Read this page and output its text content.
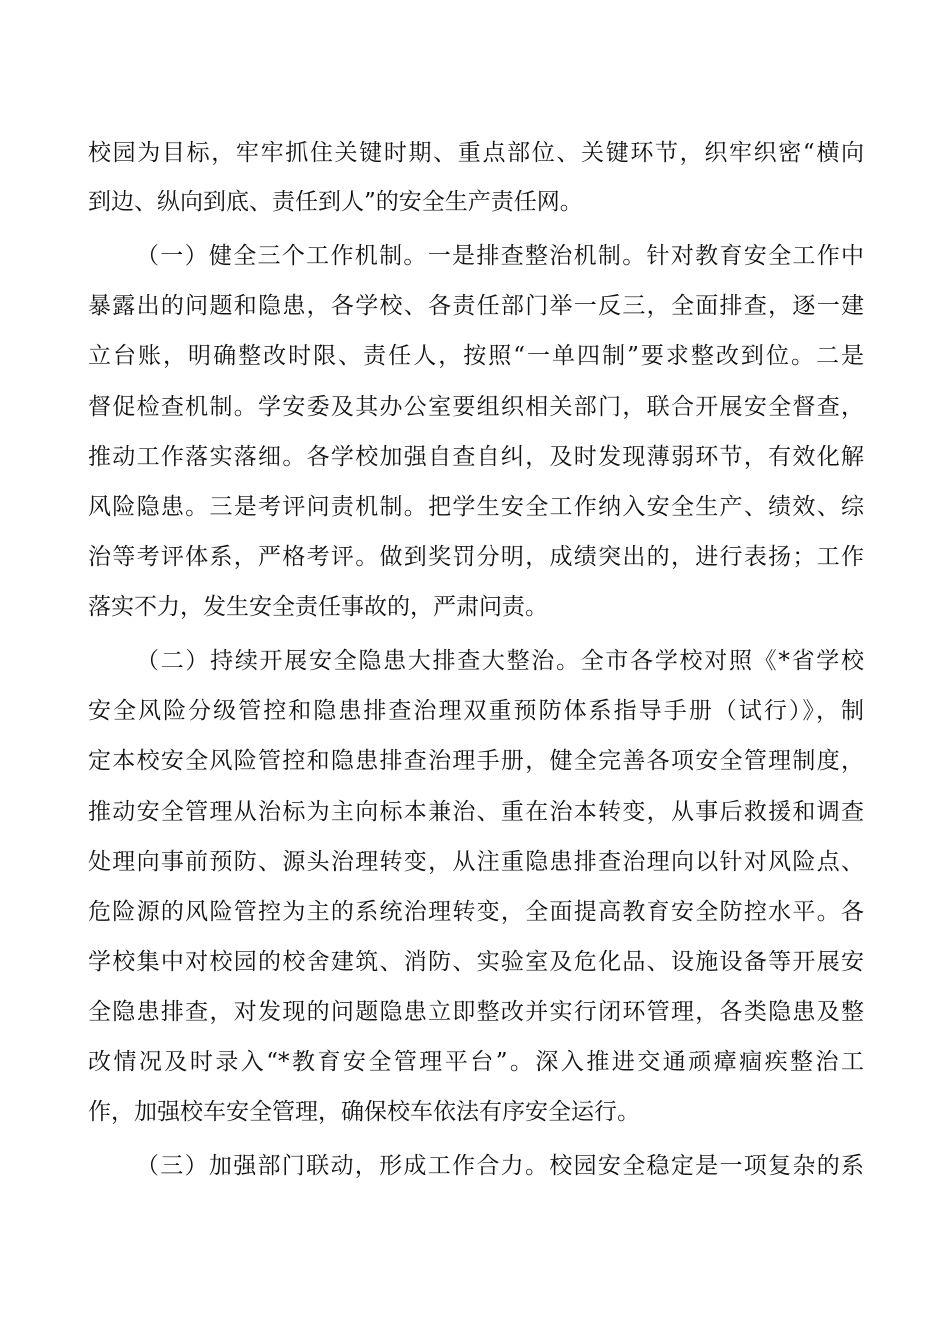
校园为目标，牢牢抓住关键时期、重点部位、关键环节，织牢织密“横向
到边、纵向到底、责任到人”的安全生产责任网。
（一）健全三个工作机制。一是排查整治机制。针对教育安全工作中
暴露出的问题和隐患，各学校、各责任部门举一反三，全面排查，逐一建
立台账，明确整改时限、责任人，按照“一单四制”要求整改到位。二是
督促检查机制。学安委及其办公室要组织相关部门，联合开展安全督查，
推动工作落实落细。各学校加强自查自纠，及时发现薄弱环节，有效化解
风险隐患。三是考评问责机制。把学生安全工作纳入安全生产、绩效、综
治等考评体系，严格考评。做到奖罚分明，成绩突出的，进行表扬；工作
落实不力，发生安全责任事故的，严肃问责。
（二）持续开展安全隐患大排查大整治。全市各学校对照《*省学校
安全风险分级管控和隐患排查治理双重预防体系指导手册（试行）》，制
定本校安全风险管控和隐患排查治理手册，健全完善各项安全管理制度，
推动安全管理从治标为主向标本兼治、重在治本转变，从事后救援和调查
处理向事前预防、源头治理转变，从注重隐患排查治理向以针对风险点、
危险源的风险管控为主的系统治理转变，全面提高教育安全防控水平。各
学校集中对校园的校舍建筑、消防、实验室及危化品、设施设备等开展安
全隐患排查，对发现的问题隐患立即整改并实行闭环管理，各类隐患及整
改情况及时录入“*教育安全管理平台”。深入推进交通顽瘴痼疾整治工
作，加强校车安全管理，确保校车依法有序安全运行。
（三）加强部门联动，形成工作合力。校园安全稳定是一项复杂的系
